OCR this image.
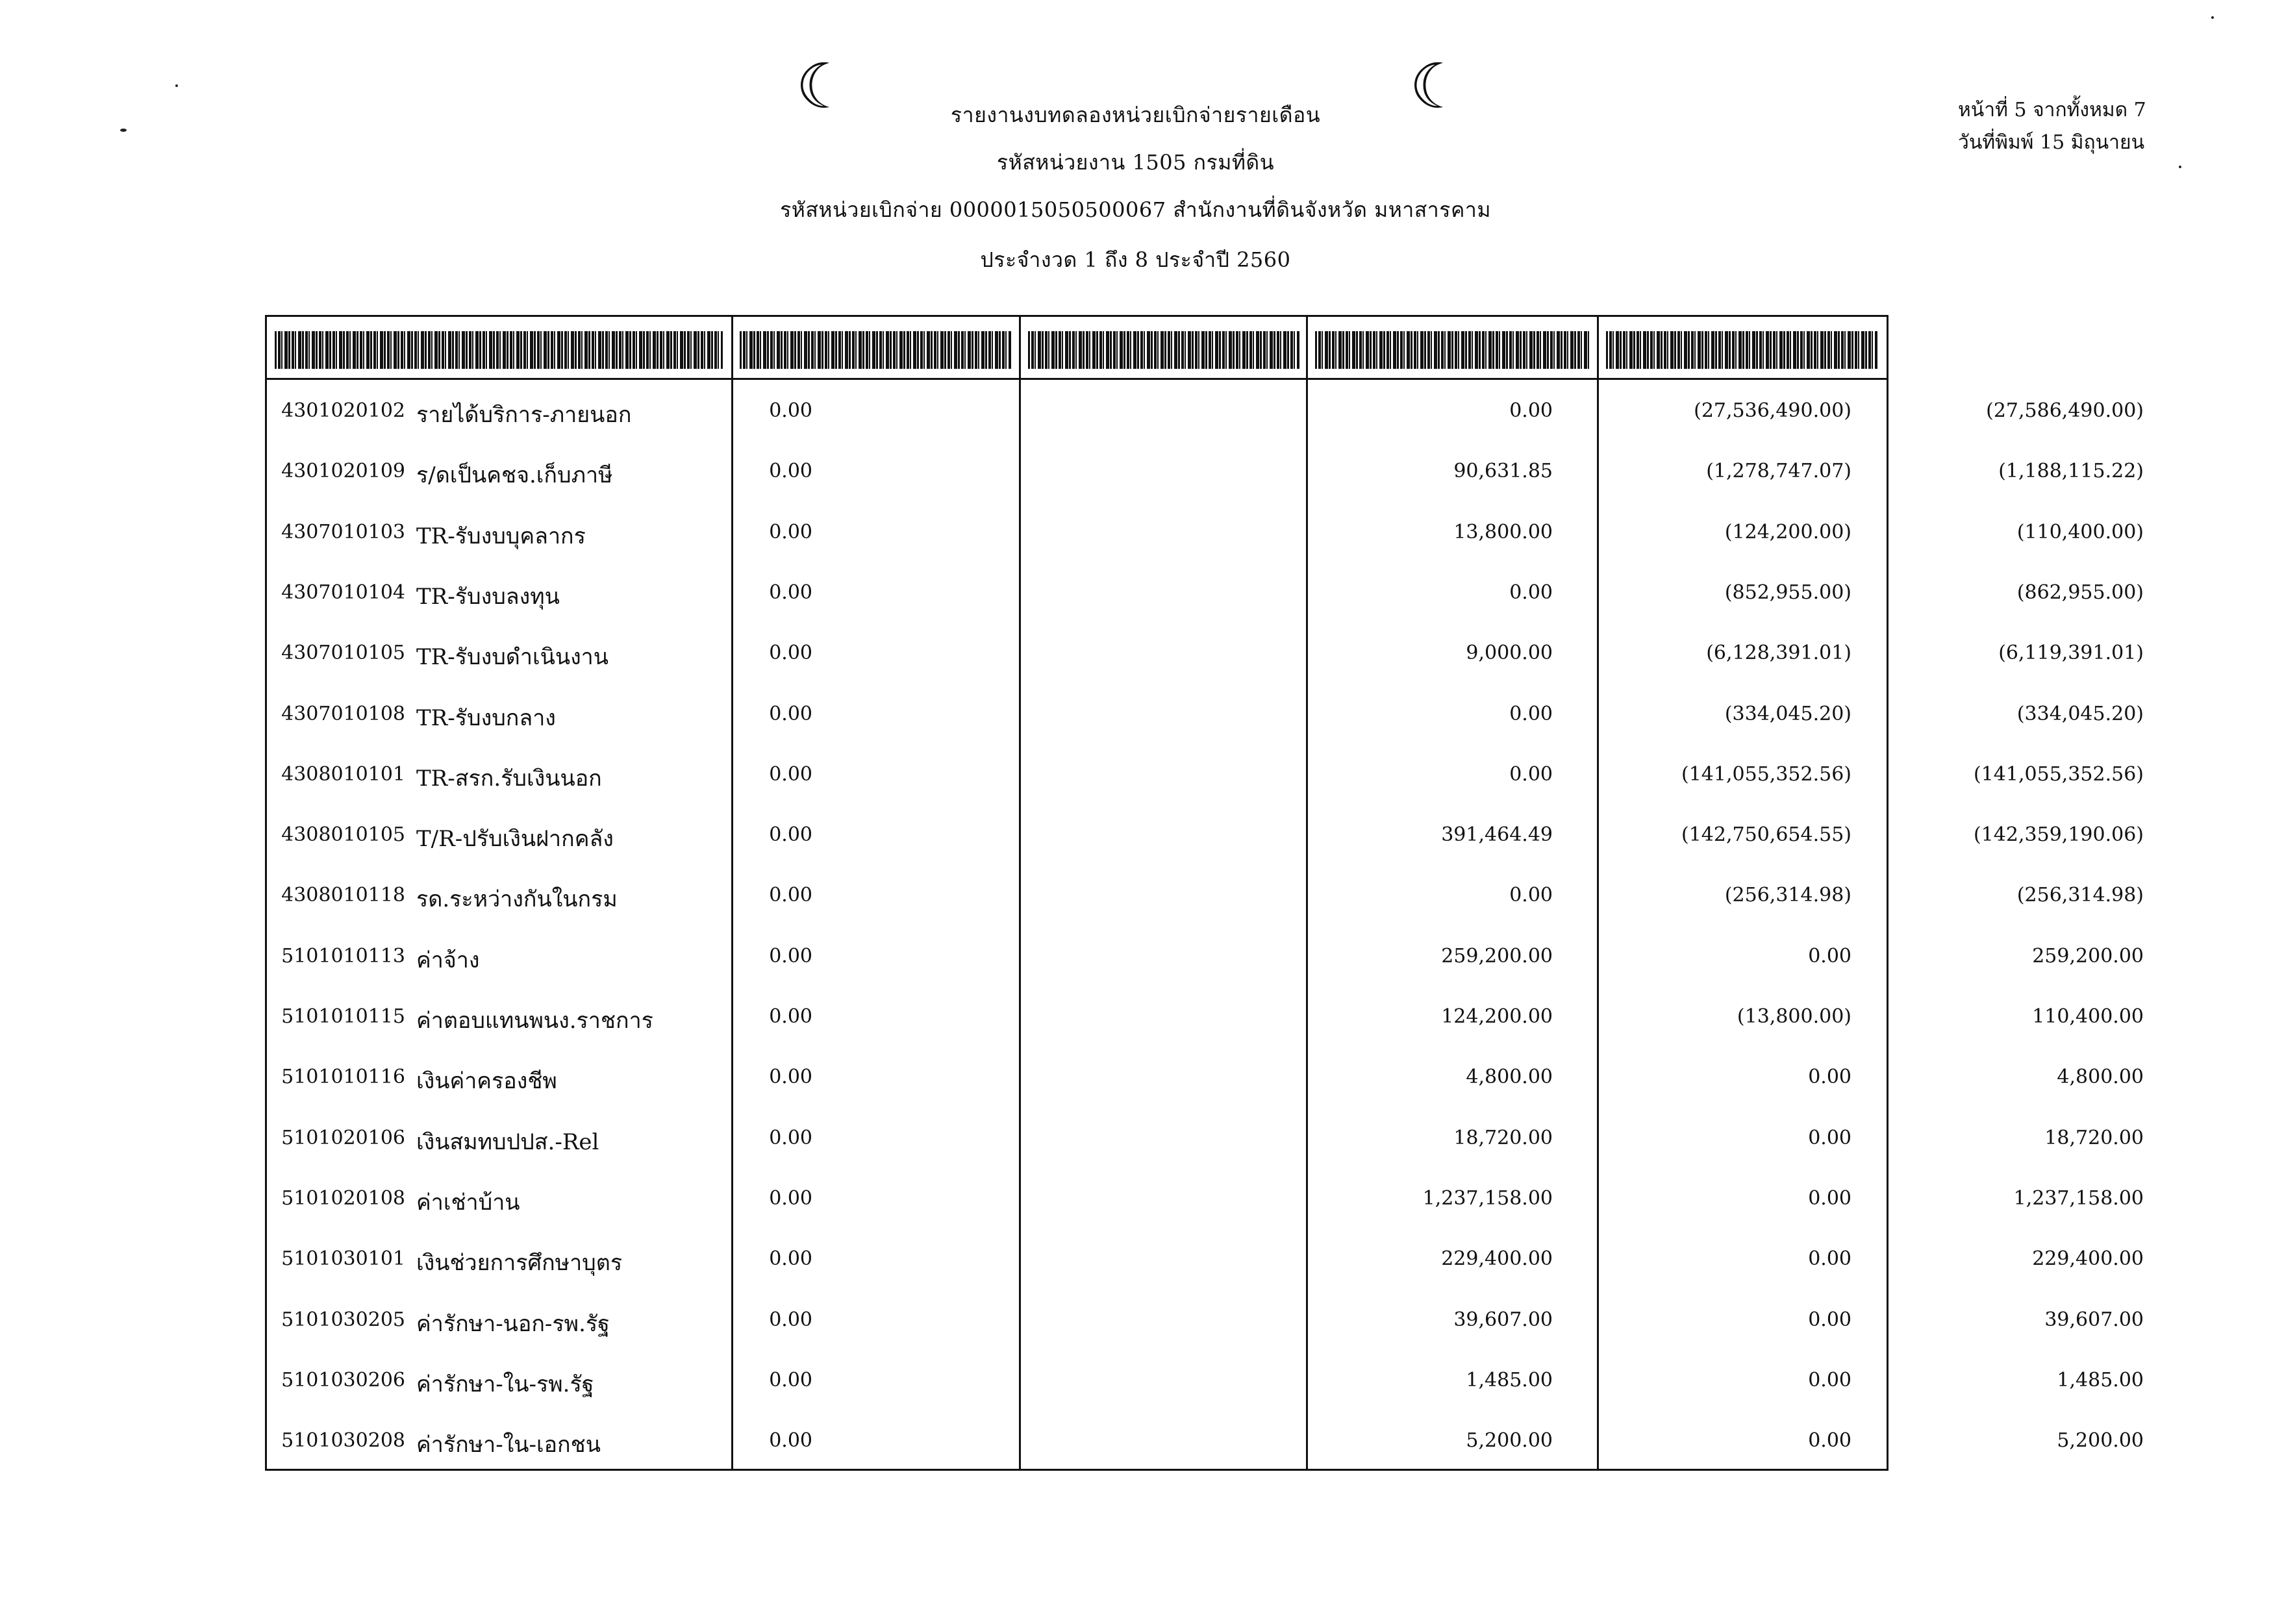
☾	☾
รายงานงบทดลองหน่วยเบิกจ่ายรายเดือน
รหัสหน่วยงาน 1505 กรมที่ดิน
รหัสหน่วยเบิกจ่าย 0000015050500067 สำนักงานที่ดินจังหวัด มหาสารคาม
ประจำงวด 1 ถึง 8 ประจำปี 2560
หน้าที่ 5 จากทั้งหมด 7
วันที่พิมพ์ 15 มิถุนายน
4301020102 รายได้บริการ-ภายนอก	0.00	0.00	(27,536,490.00)	(27,586,490.00)
4301020109 ร/ดเป็นคชจ.เก็บภาษี	0.00	90,631.85	(1,278,747.07)	(1,188,115.22)
4307010103 TR-รับงบบุคลากร	0.00	13,800.00	(124,200.00)	(110,400.00)
4307010104 TR-รับงบลงทุน	0.00	0.00	(852,955.00)	(862,955.00)
4307010105 TR-รับงบดำเนินงาน	0.00	9,000.00	(6,128,391.01)	(6,119,391.01)
4307010108 TR-รับงบกลาง	0.00	0.00	(334,045.20)	(334,045.20)
4308010101 TR-สรก.รับเงินนอก	0.00	0.00	(141,055,352.56)	(141,055,352.56)
4308010105 T/R-ปรับเงินฝากคลัง	0.00	391,464.49	(142,750,654.55)	(142,359,190.06)
4308010118 รด.ระหว่างกันในกรม	0.00	0.00	(256,314.98)	(256,314.98)
5101010113 ค่าจ้าง	0.00	259,200.00	0.00	259,200.00
5101010115 ค่าตอบแทนพนง.ราชการ	0.00	124,200.00	(13,800.00)	110,400.00
5101010116 เงินค่าครองชีพ	0.00	4,800.00	0.00	4,800.00
5101020106 เงินสมทบปปส.-Rel	0.00	18,720.00	0.00	18,720.00
5101020108 ค่าเช่าบ้าน	0.00	1,237,158.00	0.00	1,237,158.00
5101030101 เงินช่วยการศึกษาบุตร	0.00	229,400.00	0.00	229,400.00
5101030205 ค่ารักษา-นอก-รพ.รัฐ	0.00	39,607.00	0.00	39,607.00
5101030206 ค่ารักษา-ใน-รพ.รัฐ	0.00	1,485.00	0.00	1,485.00
5101030208 ค่ารักษา-ใน-เอกชน	0.00	5,200.00	0.00	5,200.00
